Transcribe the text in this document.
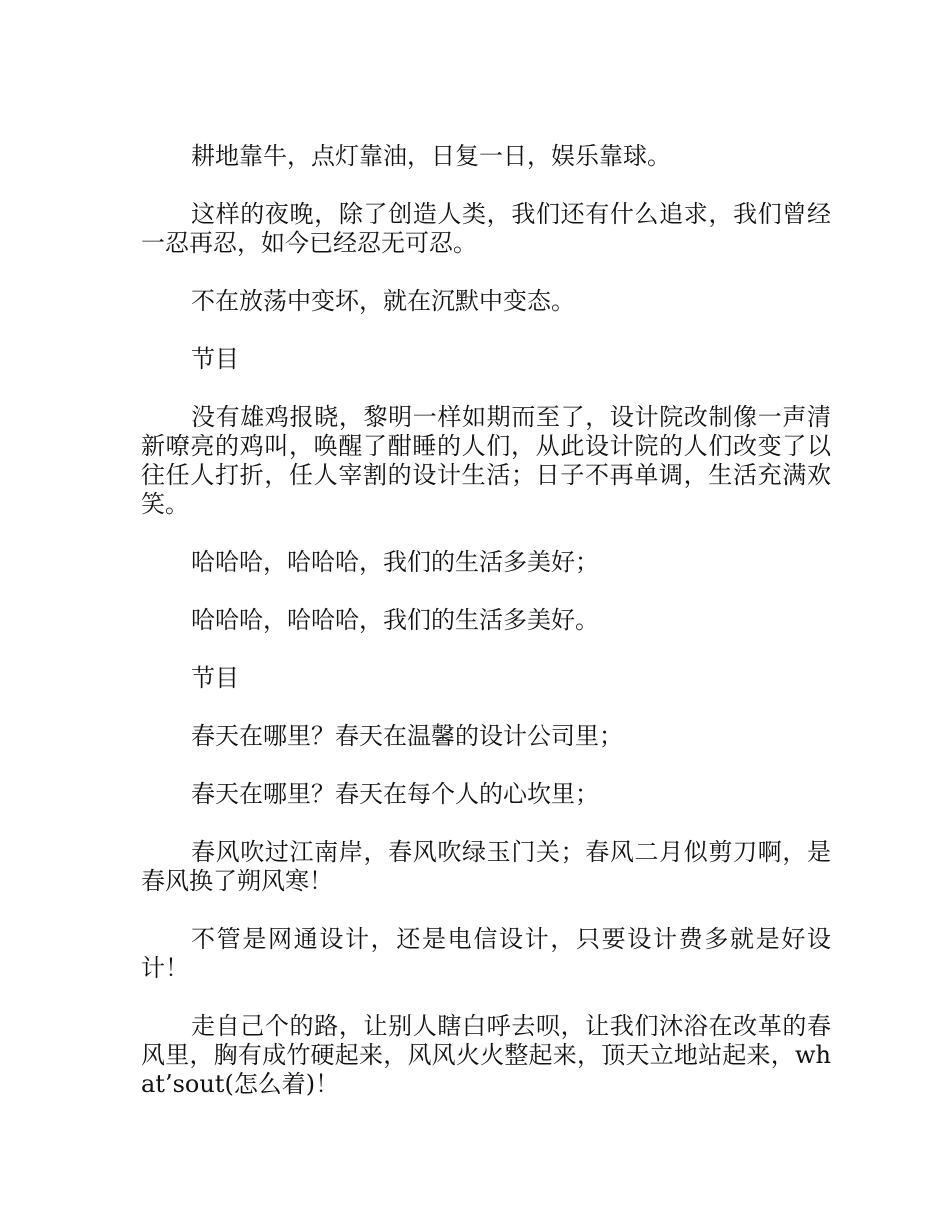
耕地靠牛，点灯靠油，日复一日，娱乐靠球。

这样的夜晚，除了创造人类，我们还有什么追求，我们曾经一忍再忍，如今已经忍无可忍。

不在放荡中变坏，就在沉默中变态。

节目

没有雄鸡报晓，黎明一样如期而至了，设计院改制像一声清新嘹亮的鸡叫，唤醒了酣睡的人们，从此设计院的人们改变了以往任人打折，任人宰割的设计生活；日子不再单调，生活充满欢笑。

哈哈哈，哈哈哈，我们的生活多美好；

哈哈哈，哈哈哈，我们的生活多美好。

节目

春天在哪里？春天在温馨的设计公司里；

春天在哪里？春天在每个人的心坎里；

春风吹过江南岸，春风吹绿玉门关；春风二月似剪刀啊，是春风换了朔风寒！

不管是网通设计，还是电信设计，只要设计费多就是好设计！

走自己个的路，让别人瞎白呼去呗，让我们沐浴在改革的春风里，胸有成竹硬起来，风风火火整起来，顶天立地站起来，what’sout(怎么着)！
